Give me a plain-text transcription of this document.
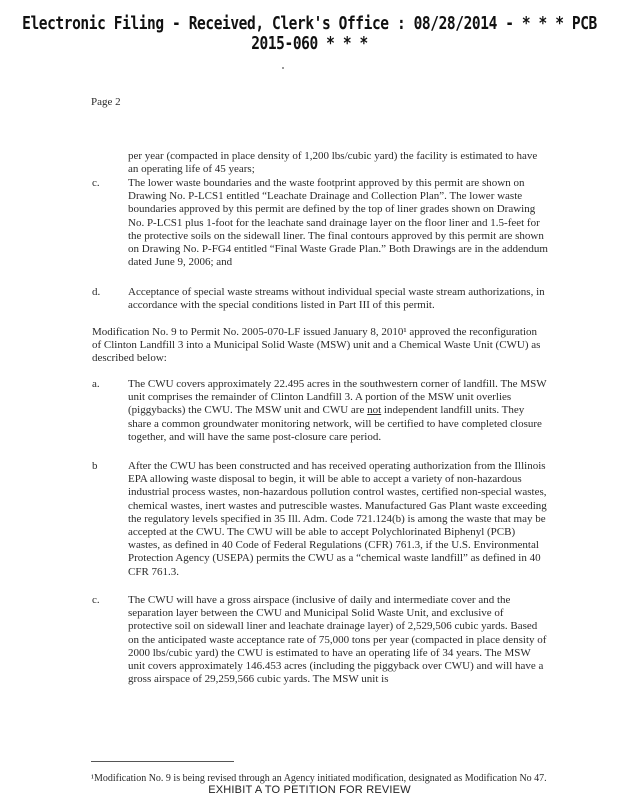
Electronic Filing - Received, Clerk's Office : 08/28/2014 - * * * PCB 2015-060 * * *
Page 2
per year (compacted in place density of 1,200 lbs/cubic yard) the facility is estimated to have an operating life of 45 years;
c.	The lower waste boundaries and the waste footprint approved by this permit are shown on Drawing No. P-LCS1 entitled “Leachate Drainage and Collection Plan”. The lower waste boundaries approved by this permit are defined by the top of liner grades shown on Drawing No. P-LCS1 plus 1-foot for the leachate sand drainage layer on the floor liner and 1.5-feet for the protective soils on the sidewall liner. The final contours approved by this permit are shown on Drawing No. P-FG4 entitled “Final Waste Grade Plan.” Both Drawings are in the addendum dated June 9, 2006; and
d.	Acceptance of special waste streams without individual special waste stream authorizations, in accordance with the special conditions listed in Part III of this permit.
Modification No. 9 to Permit No. 2005-070-LF issued January 8, 2010¹ approved the reconfiguration of Clinton Landfill 3 into a Municipal Solid Waste (MSW) unit and a Chemical Waste Unit (CWU) as described below:
a.	The CWU covers approximately 22.495 acres in the southwestern corner of landfill. The MSW unit comprises the remainder of Clinton Landfill 3. A portion of the MSW unit overlies (piggybacks) the CWU. The MSW unit and CWU are not independent landfill units. They share a common groundwater monitoring network, will be certified to have completed closure together, and will have the same post-closure care period.
b	After the CWU has been constructed and has received operating authorization from the Illinois EPA allowing waste disposal to begin, it will be able to accept a variety of non-hazardous industrial process wastes, non-hazardous pollution control wastes, certified non-special wastes, chemical wastes, inert wastes and putrescible wastes. Manufactured Gas Plant waste exceeding the regulatory levels specified in 35 Ill. Adm. Code 721.124(b) is among the waste that may be accepted at the CWU. The CWU will be able to accept Polychlorinated Biphenyl (PCB) wastes, as defined in 40 Code of Federal Regulations (CFR) 761.3, if the U.S. Environmental Protection Agency (USEPA) permits the CWU as a “chemical waste landfill” as defined in 40 CFR 761.3.
c.	The CWU will have a gross airspace (inclusive of daily and intermediate cover and the separation layer between the CWU and Municipal Solid Waste Unit, and exclusive of protective soil on sidewall liner and leachate drainage layer) of 2,529,506 cubic yards. Based on the anticipated waste acceptance rate of 75,000 tons per year (compacted in place density of 2000 lbs/cubic yard) the CWU is estimated to have an operating life of 34 years. The MSW unit covers approximately 146.453 acres (including the piggyback over CWU) and will have a gross airspace of 29,259,566 cubic yards. The MSW unit is
¹Modification No. 9 is being revised through an Agency initiated modification, designated as Modification No 47.
EXHIBIT A TO PETITION FOR REVIEW
